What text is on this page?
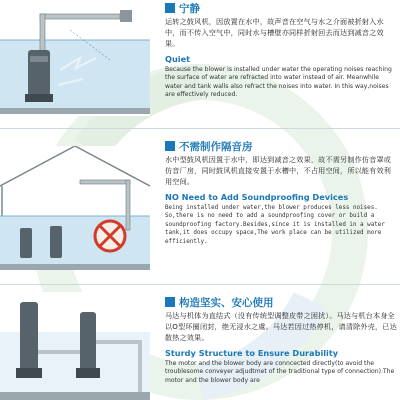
宁静

运转之鼓风机，因放置在水中，故声音在空气与水之介面被折射入水中，而不传入空气中，同时水与槽壁亦同样折射回去而达到减音之效果。

Quiet

Because the blower is installed under water the operating noises reaching the surface of water are refracted into water instead of air. Meanwhile water and tank walls also refract the noises into water. In this way,noises are effectively reduced.

不需制作隔音房

水中型鼓风机因置于水中，即达到减音之效果，故不需另制作仿音罩或仿音厂房，同时鼓风机直接安置于水槽中，不占用空间，所以能有效利用空间。

NO Need to Add Soundproofing Devices

Being installed under water,the blower produces less noises. So,there is no need to add a soundproofing cover or build a soundproofing factory.Besides,since it is installed in a water tank,it does occupy space,The work place can be utilized more efficiently.

构造坚实、安心使用

马达与机体为直结式（没有传统型调整皮带之困扰）。马达与机台本身全以O型环圈闭封，绝无浸水之虞。马达若因过热停机，请清除外壳，已达散热之效果。

Sturdy Structure to Ensure Durability

The motor and the blower body are conncected directly(to avoid the troublesome conveyer adjudtmet of the traditional type of connection).The motor and the blower body are
